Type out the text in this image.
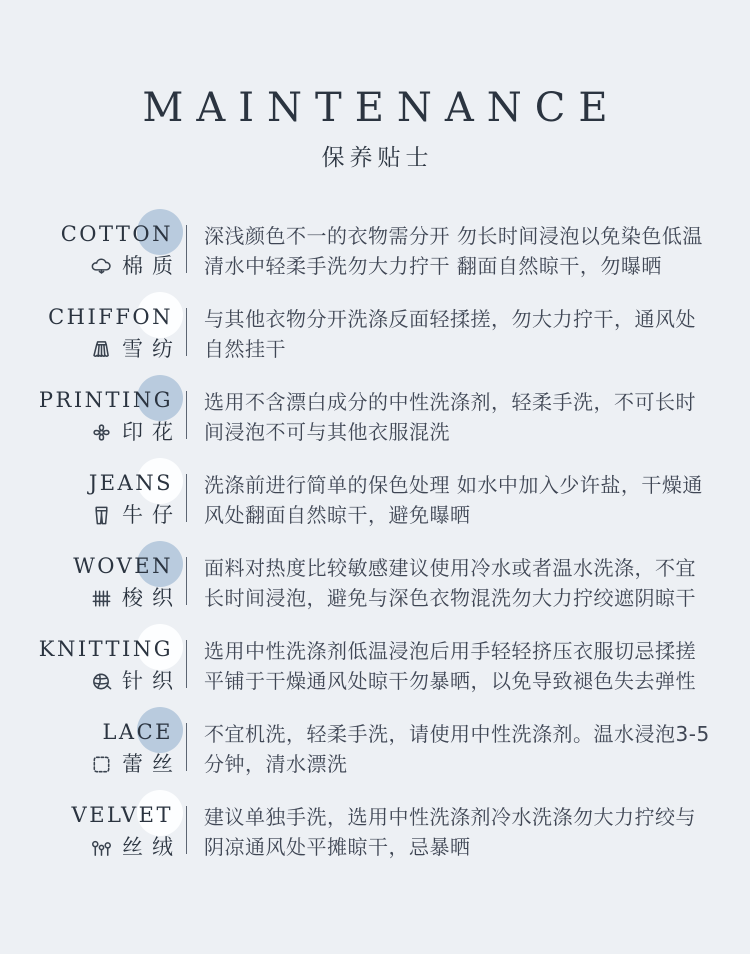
MAINTENANCE
保养贴士
COTTON
棉质
深浅颜色不一的衣物需分开 勿长时间浸泡以免染色低温清水中轻柔手洗勿大力拧干 翻面自然晾干，勿曝晒
CHIFFON
雪纺
与其他衣物分开洗涤反面轻揉搓，勿大力拧干，通风处自然挂干
PRINTING
印花
选用不含漂白成分的中性洗涤剂，轻柔手洗，不可长时间浸泡不可与其他衣服混洗
JEANS
牛仔
洗涤前进行简单的保色处理 如水中加入少许盐，干燥通风处翻面自然晾干，避免曝晒
WOVEN
梭织
面料对热度比较敏感建议使用冷水或者温水洗涤，不宜长时间浸泡，避免与深色衣物混洗勿大力拧绞遮阴晾干
KNITTING
针织
选用中性洗涤剂低温浸泡后用手轻轻挤压衣服切忌揉搓平铺于干燥通风处晾干勿暴晒，以免导致褪色失去弹性
LACE
蕾丝
不宜机洗，轻柔手洗，请使用中性洗涤剂。温水浸泡3-5分钟，清水漂洗
VELVET
丝绒
建议单独手洗，选用中性洗涤剂冷水洗涤勿大力拧绞与阴凉通风处平摊晾干，忌暴晒
